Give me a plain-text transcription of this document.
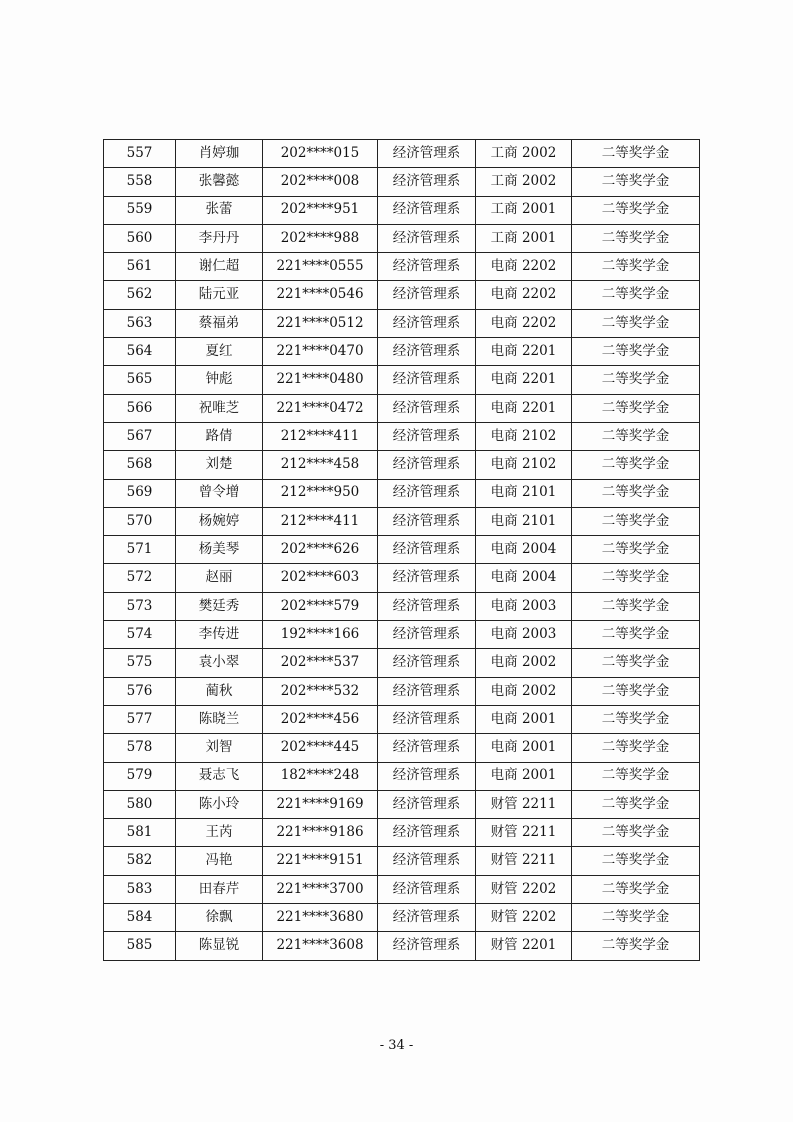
557	肖婷珈	202****015	经济管理系	工商 2002	二等奖学金
558	张馨懿	202****008	经济管理系	工商 2002	二等奖学金
559	张蕾	202****951	经济管理系	工商 2001	二等奖学金
560	李丹丹	202****988	经济管理系	工商 2001	二等奖学金
561	谢仁超	221****0555	经济管理系	电商 2202	二等奖学金
562	陆元亚	221****0546	经济管理系	电商 2202	二等奖学金
563	蔡福弟	221****0512	经济管理系	电商 2202	二等奖学金
564	夏红	221****0470	经济管理系	电商 2201	二等奖学金
565	钟彪	221****0480	经济管理系	电商 2201	二等奖学金
566	祝唯芝	221****0472	经济管理系	电商 2201	二等奖学金
567	路倩	212****411	经济管理系	电商 2102	二等奖学金
568	刘楚	212****458	经济管理系	电商 2102	二等奖学金
569	曾令增	212****950	经济管理系	电商 2101	二等奖学金
570	杨婉婷	212****411	经济管理系	电商 2101	二等奖学金
571	杨美琴	202****626	经济管理系	电商 2004	二等奖学金
572	赵丽	202****603	经济管理系	电商 2004	二等奖学金
573	樊廷秀	202****579	经济管理系	电商 2003	二等奖学金
574	李传进	192****166	经济管理系	电商 2003	二等奖学金
575	袁小翠	202****537	经济管理系	电商 2002	二等奖学金
576	蔺秋	202****532	经济管理系	电商 2002	二等奖学金
577	陈晓兰	202****456	经济管理系	电商 2001	二等奖学金
578	刘智	202****445	经济管理系	电商 2001	二等奖学金
579	聂志飞	182****248	经济管理系	电商 2001	二等奖学金
580	陈小玲	221****9169	经济管理系	财管 2211	二等奖学金
581	王芮	221****9186	经济管理系	财管 2211	二等奖学金
582	冯艳	221****9151	经济管理系	财管 2211	二等奖学金
583	田春芹	221****3700	经济管理系	财管 2202	二等奖学金
584	徐飘	221****3680	经济管理系	财管 2202	二等奖学金
585	陈显锐	221****3608	经济管理系	财管 2201	二等奖学金
- 34 -
